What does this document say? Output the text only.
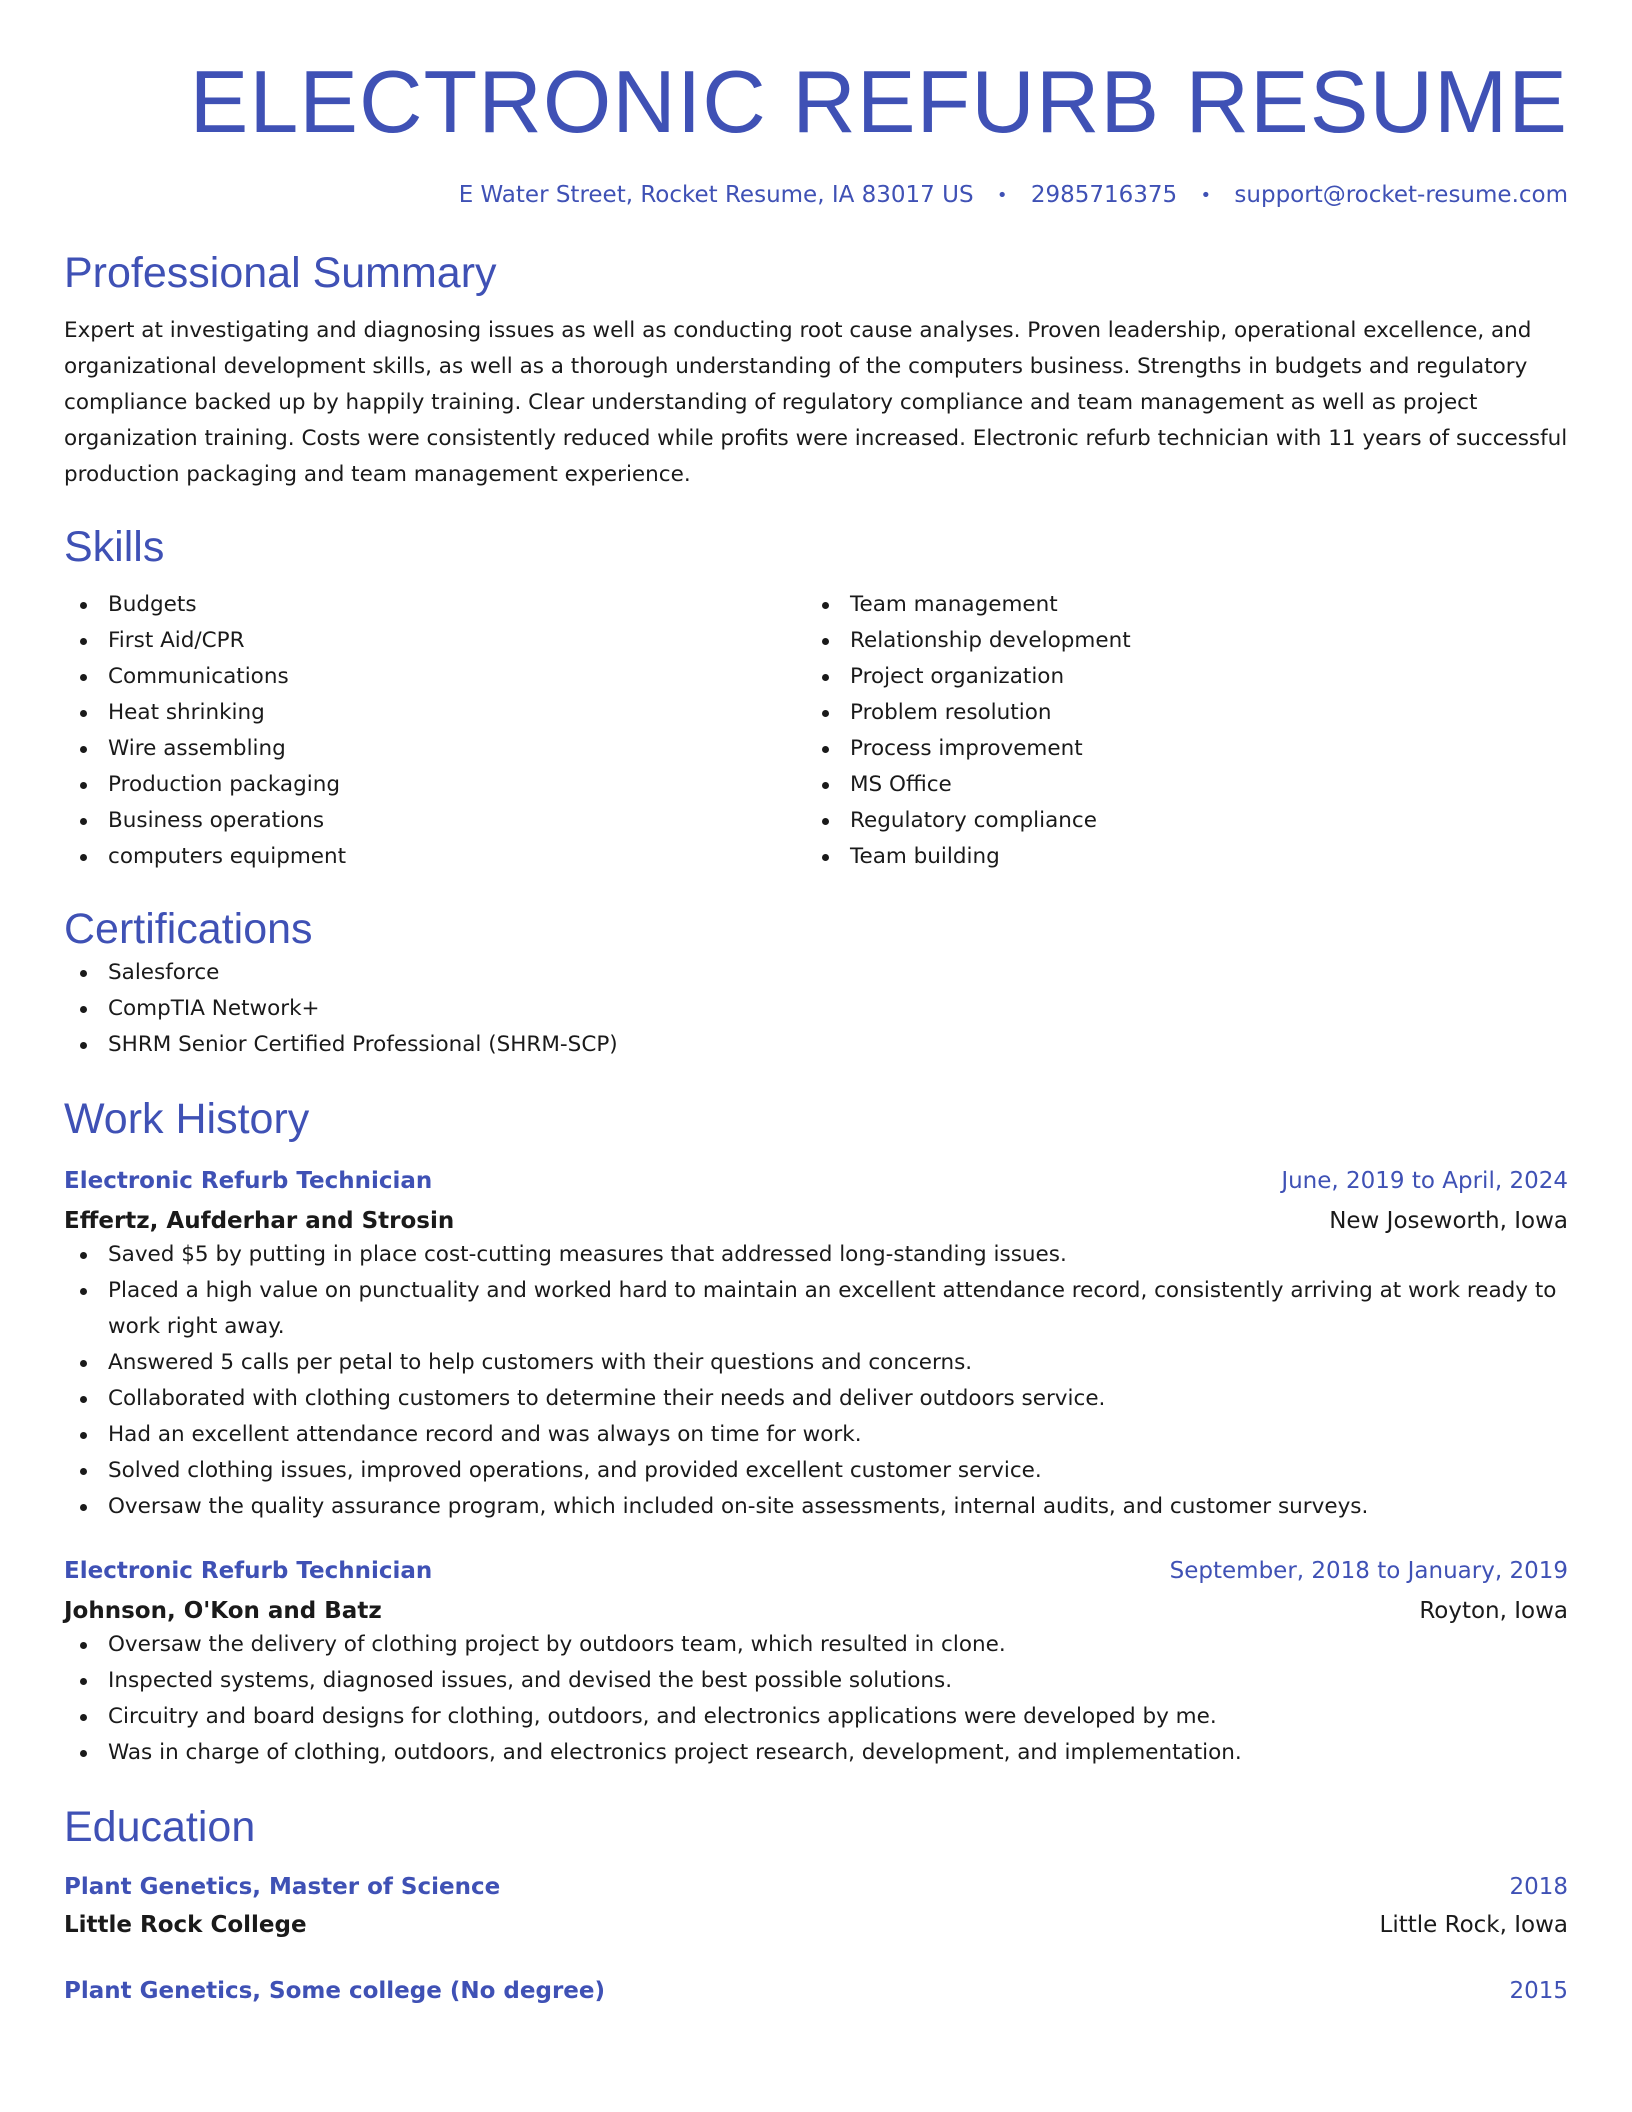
ELECTRONIC REFURB RESUME
E Water Street, Rocket Resume, IA 83017 US • 2985716375 • support@rocket-resume.com
Professional Summary

Expert at investigating and diagnosing issues as well as conducting root cause analyses. Proven leadership, operational excellence, and organizational development skills, as well as a thorough understanding of the computers business. Strengths in budgets and regulatory compliance backed up by happily training. Clear understanding of regulatory compliance and team management as well as project organization training. Costs were consistently reduced while profits were increased. Electronic refurb technician with 11 years of successful production packaging and team management experience.

Skills
Budgets
First Aid/CPR
Communications
Heat shrinking
Wire assembling
Production packaging
Business operations
computers equipment
Team management
Relationship development
Project organization
Problem resolution
Process improvement
MS Office
Regulatory compliance
Team building
Certifications
Salesforce
CompTIA Network+
SHRM Senior Certified Professional (SHRM-SCP)
Work History
Electronic Refurb Technician	June, 2019 to April, 2024
Effertz, Aufderhar and Strosin	New Joseworth, Iowa
Saved $5 by putting in place cost-cutting measures that addressed long-standing issues.
Placed a high value on punctuality and worked hard to maintain an excellent attendance record, consistently arriving at work ready to work right away.
Answered 5 calls per petal to help customers with their questions and concerns.
Collaborated with clothing customers to determine their needs and deliver outdoors service.
Had an excellent attendance record and was always on time for work.
Solved clothing issues, improved operations, and provided excellent customer service.
Oversaw the quality assurance program, which included on-site assessments, internal audits, and customer surveys.
Electronic Refurb Technician	September, 2018 to January, 2019
Johnson, O'Kon and Batz	Royton, Iowa
Oversaw the delivery of clothing project by outdoors team, which resulted in clone.
Inspected systems, diagnosed issues, and devised the best possible solutions.
Circuitry and board designs for clothing, outdoors, and electronics applications were developed by me.
Was in charge of clothing, outdoors, and electronics project research, development, and implementation.
Education
Plant Genetics, Master of Science	2018
Little Rock College	Little Rock, Iowa
Plant Genetics, Some college (No degree)	2015
